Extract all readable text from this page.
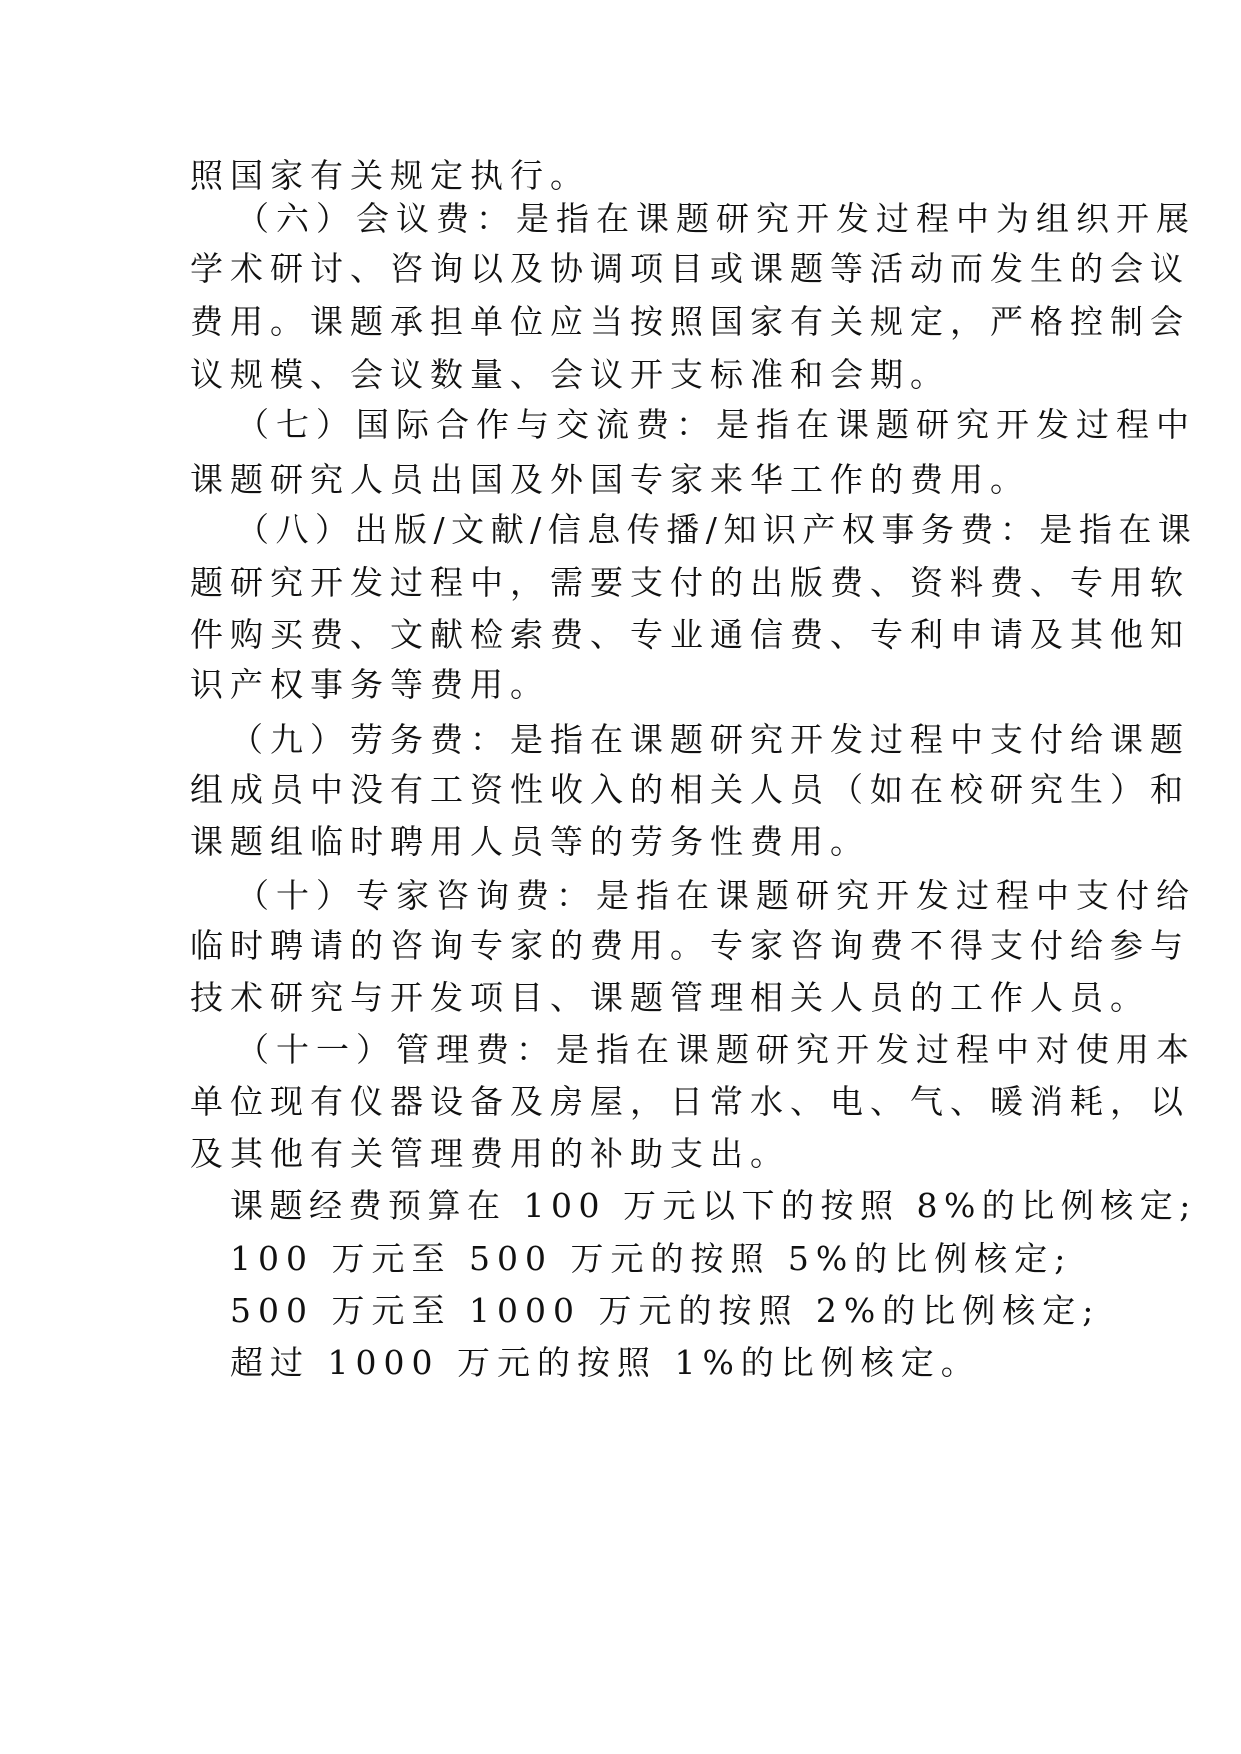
照国家有关规定执行。

（六）会议费：是指在课题研究开发过程中为组织开展

学术研讨、咨询以及协调项目或课题等活动而发生的会议

费用。课题承担单位应当按照国家有关规定，严格控制会

议规模、会议数量、会议开支标准和会期。

（七）国际合作与交流费：是指在课题研究开发过程中

课题研究人员出国及外国专家来华工作的费用。

（八）出版/文献/信息传播/知识产权事务费：是指在课

题研究开发过程中，需要支付的出版费、资料费、专用软

件购买费、文献检索费、专业通信费、专利申请及其他知

识产权事务等费用。

（九）劳务费：是指在课题研究开发过程中支付给课题

组成员中没有工资性收入的相关人员（如在校研究生）和

课题组临时聘用人员等的劳务性费用。

（十）专家咨询费：是指在课题研究开发过程中支付给

临时聘请的咨询专家的费用。专家咨询费不得支付给参与

技术研究与开发项目、课题管理相关人员的工作人员。

（十一）管理费：是指在课题研究开发过程中对使用本

单位现有仪器设备及房屋，日常水、电、气、暖消耗，以

及其他有关管理费用的补助支出。

课题经费预算在 100 万元以下的按照 8%的比例核定;

100 万元至 500 万元的按照 5%的比例核定;

500 万元至 1000 万元的按照 2%的比例核定;

超过 1000 万元的按照 1%的比例核定。
